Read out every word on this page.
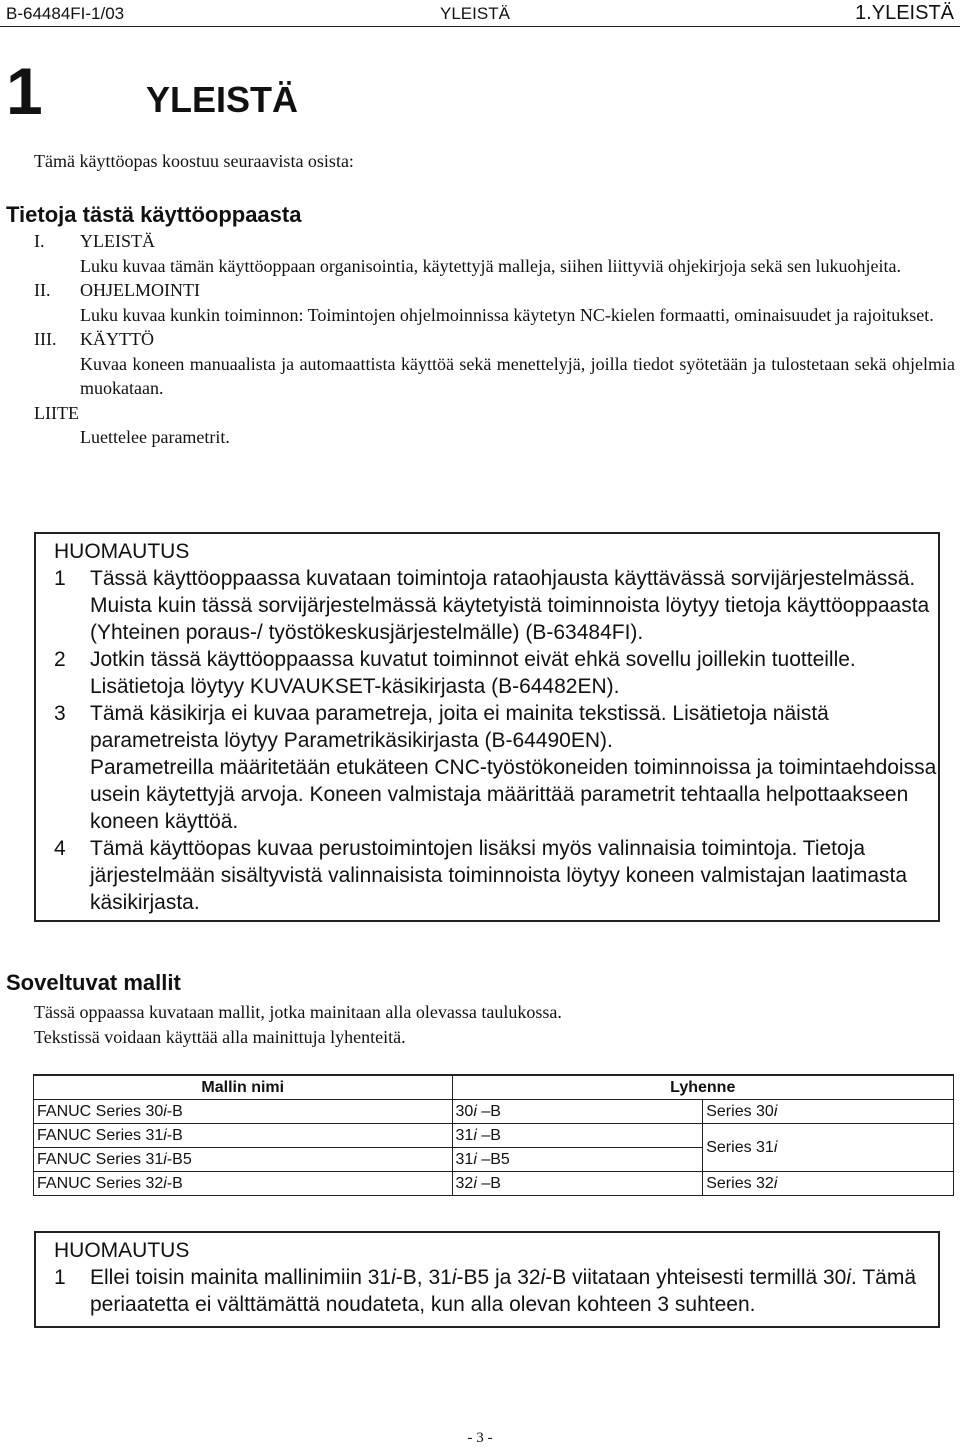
B-64484FI-1/03	YLEISTÄ	1.YLEISTÄ
1	YLEISTÄ
Tämä käyttöopas koostuu seuraavista osista:
Tietoja tästä käyttöoppaasta
I.	YLEISTÄ
Luku kuvaa tämän käyttöoppaan organisointia, käytettyjä malleja, siihen liittyviä ohjekirjoja sekä sen lukuohjeita.
II.	OHJELMOINTI
Luku kuvaa kunkin toiminnon: Toimintojen ohjelmoinnissa käytetyn NC-kielen formaatti, ominaisuudet ja rajoitukset.
III.	KÄYTTÖ
Kuvaa koneen manuaalista ja automaattista käyttöä sekä menettelyjä, joilla tiedot syötetään ja tulostetaan sekä ohjelmia muokataan.
LIITE
Luettelee parametrit.
HUOMAUTUS
1 Tässä käyttöoppaassa kuvataan toimintoja rataohjausta käyttävässä sorvijärjestelmässä. Muista kuin tässä sorvijärjestelmässä käytetyistä toiminnoista löytyy tietoja käyttöoppaasta (Yhteinen poraus-/ työstökeskusjärjestelmälle) (B-63484FI).
2 Jotkin tässä käyttöoppaassa kuvatut toiminnot eivät ehkä sovellu joillekin tuotteille. Lisätietoja löytyy KUVAUKSET-käsikirjasta (B-64482EN).
3 Tämä käsikirja ei kuvaa parametreja, joita ei mainita tekstissä. Lisätietoja näistä parametreista löytyy Parametrikäsikirjasta (B-64490EN).
Parametreilla määritetään etukäteen CNC-työstökoneiden toiminnoissa ja toimintaehdoissa usein käytettyjä arvoja. Koneen valmistaja määrittää parametrit tehtaalla helpottaakseen koneen käyttöä.
4 Tämä käyttöopas kuvaa perustoimintojen lisäksi myös valinnaisia toimintoja. Tietoja järjestelmään sisältyvistä valinnaisista toiminnoista löytyy koneen valmistajan laatimasta käsikirjasta.
Soveltuvat mallit
Tässä oppaassa kuvataan mallit, jotka mainitaan alla olevassa taulukossa.
Tekstissä voidaan käyttää alla mainittuja lyhenteitä.
Mallin nimi	Lyhenne	
FANUC Series 30i-B	30i –B	Series 30i
FANUC Series 31i-B	31i –B	Series 31i
FANUC Series 31i-B5	31i –B5	
FANUC Series 32i-B	32i –B	Series 32i
HUOMAUTUS
1 Ellei toisin mainita mallinimiin 31i-B, 31i-B5 ja 32i-B viitataan yhteisesti termillä 30i. Tämä periaatetta ei välttämättä noudateta, kun alla olevan kohteen 3 suhteen.
- 3 -
